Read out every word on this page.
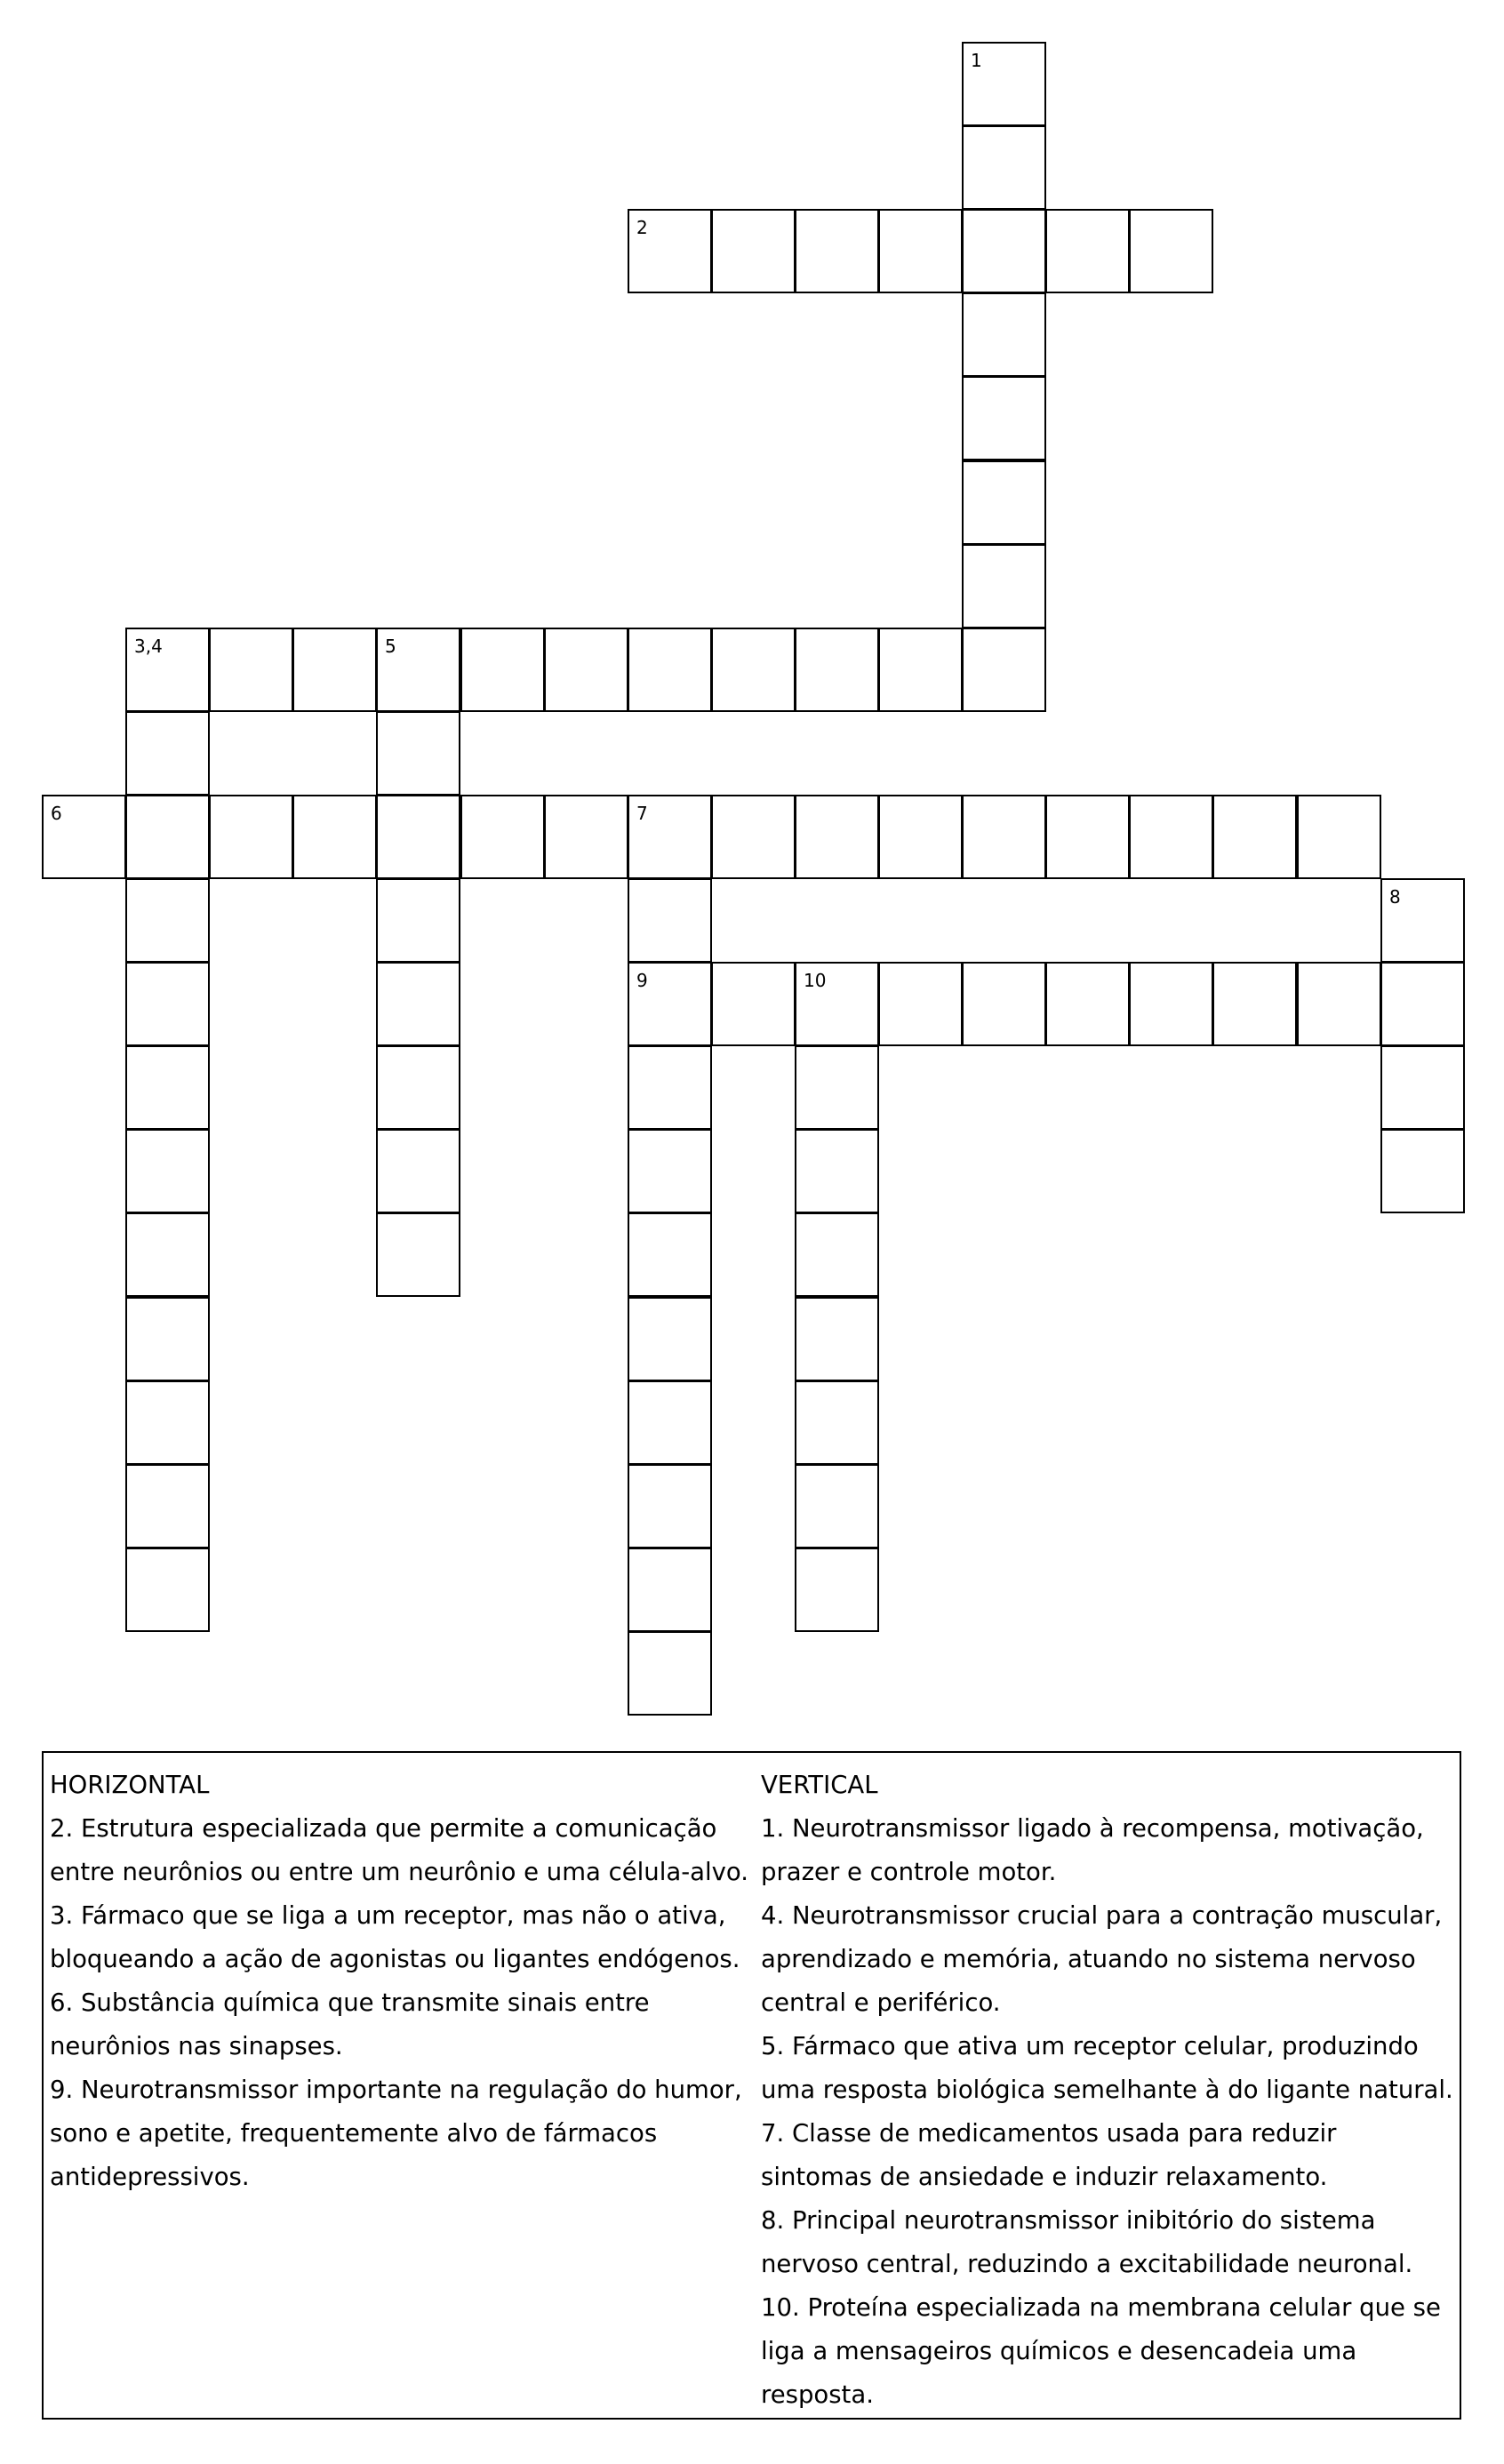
1
2
3,4	5
6	7
8
9	10
HORIZONTAL
2. Estrutura especializada que permite a comunicação entre neurônios ou entre um neurônio e uma célula-alvo.
3. Fármaco que se liga a um receptor, mas não o ativa, bloqueando a ação de agonistas ou ligantes endógenos.
6. Substância química que transmite sinais entre neurônios nas sinapses.
9. Neurotransmissor importante na regulação do humor, sono e apetite, frequentemente alvo de fármacos antidepressivos.
VERTICAL
1. Neurotransmissor ligado à recompensa, motivação, prazer e controle motor.
4. Neurotransmissor crucial para a contração muscular, aprendizado e memória, atuando no sistema nervoso central e periférico.
5. Fármaco que ativa um receptor celular, produzindo uma resposta biológica semelhante à do ligante natural.
7. Classe de medicamentos usada para reduzir sintomas de ansiedade e induzir relaxamento.
8. Principal neurotransmissor inibitório do sistema nervoso central, reduzindo a excitabilidade neuronal.
10. Proteína especializada na membrana celular que se liga a mensageiros químicos e desencadeia uma resposta.
